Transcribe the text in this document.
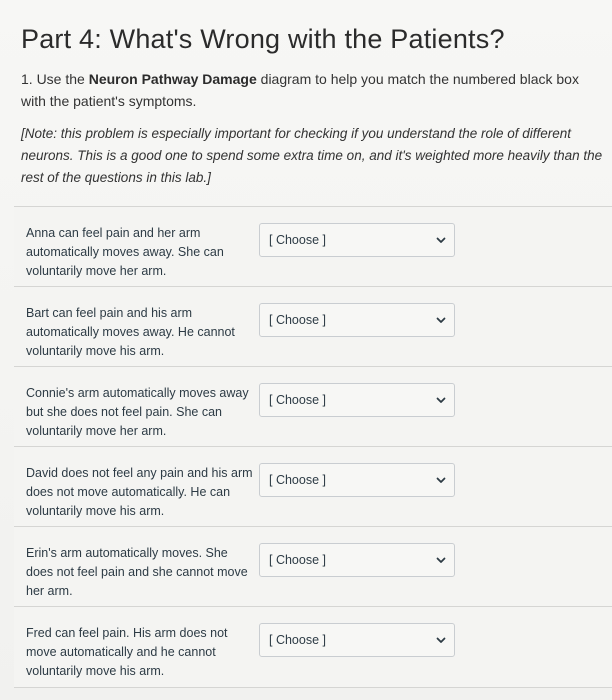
Part 4: What's Wrong with the Patients?
1. Use the Neuron Pathway Damage diagram to help you match the numbered black box with the patient's symptoms.
[Note: this problem is especially important for checking if you understand the role of different neurons. This is a good one to spend some extra time on, and it's weighted more heavily than the rest of the questions in this lab.]
Anna can feel pain and her arm automatically moves away. She can voluntarily move her arm.
[ Choose ]
Bart can feel pain and his arm automatically moves away. He cannot voluntarily move his arm.
[ Choose ]
Connie's arm automatically moves away but she does not feel pain. She can voluntarily move her arm.
[ Choose ]
David does not feel any pain and his arm does not move automatically. He can voluntarily move his arm.
[ Choose ]
Erin's arm automatically moves. She does not feel pain and she cannot move her arm.
[ Choose ]
Fred can feel pain. His arm does not move automatically and he cannot voluntarily move his arm.
[ Choose ]
